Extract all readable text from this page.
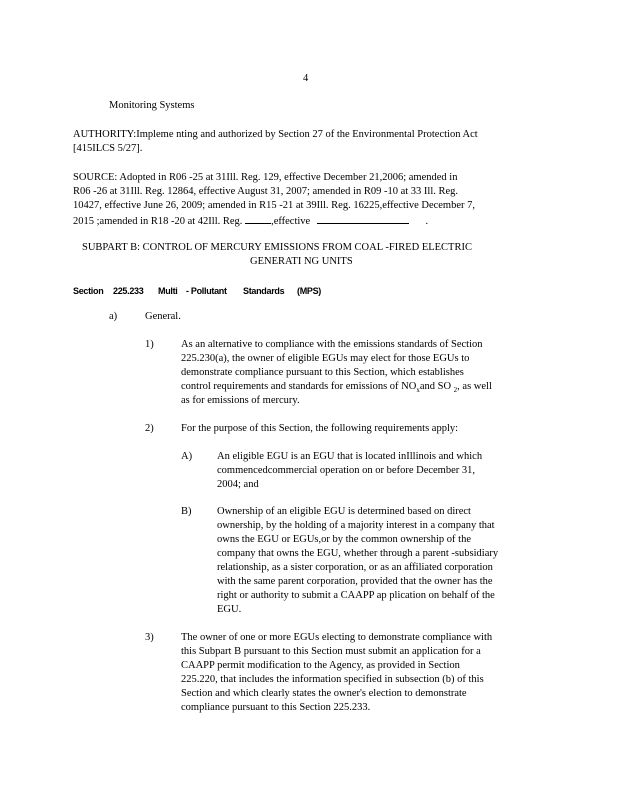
4
Monitoring Systems
AUTHORITY:Impleme nting and authorized by Section 27 of the Environmental Protection Act
[415ILCS 5/27].
SOURCE: Adopted in R06 -25 at 31Ill. Reg. 129, effective December 21,2006; amended in
R06 -26 at 31Ill. Reg. 12864, effective August 31, 2007; amended in R09 -10 at 33 Ill. Reg.
10427, effective June 26, 2009; amended in R15 -21 at 39Ill. Reg. 16225,effective December 7,
2015 ;amended in R18 -20 at 42Ill. Reg.	,effective	.
SUBPART B: CONTROL OF MERCURY EMISSIONS FROM COAL -FIRED ELECTRIC
GENERATI NG UNITS
Section 225.233 Multi - Pollutant Standards (MPS)
a)	General.
1)	As an alternative to compliance with the emissions standards of Section
225.230(a), the owner of eligible EGUs may elect for those EGUs to
demonstrate compliance pursuant to this Section, which establishes
control requirements and standards for emissions of $NO_xand$ SO $_2$, as well
as for emissions of mercury.
2)	For the purpose of this Section, the following requirements apply:
A) An eligible EGU is an EGU that is located inIllinois and which
commencedcommercial operation on or before December 31,
2004; and
B) Ownership of an eligible EGU is determined based on direct
ownership, by the holding of a majority interest in a company that
owns the EGU or EGUs,or by the common ownership of the
company that owns the EGU, whether through a parent -subsidiary
relationship, as a sister corporation, or as an affiliated corporation
with the same parent corporation, provided that the owner has the
right or authority to submit a CAAPP ap plication on behalf of the
EGU.
3)	The owner of one or more EGUs electing to demonstrate compliance with
this Subpart B pursuant to this Section must submit an application for a
CAAPP permit modification to the Agency, as provided in Section
225.220, that includes the information specified in subsection (b) of this
Section and which clearly states the owner's election to demonstrate
compliance pursuant to this Section 225.233.
